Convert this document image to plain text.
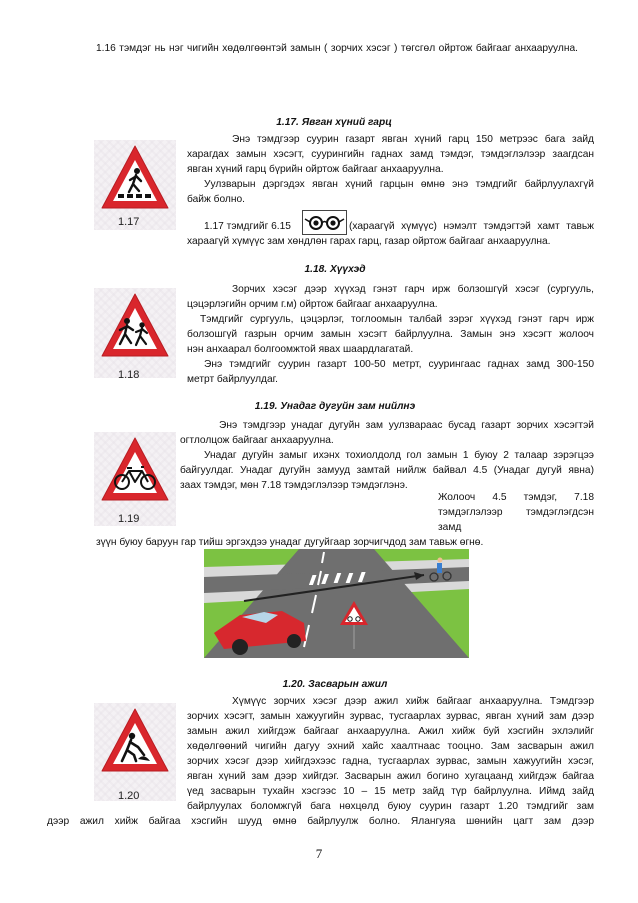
1.16 тэмдэг нь нэг чигийн хөдөлгөөнтэй замын ( зорчих хэсэг ) төгсгөл ойртож байгааг анхааруулна.
1.17. Явган хүний гарц
1.17
Энэ тэмдгээр суурин газарт явган хүний гарц 150 метрээс бага зайд
харагдах замын хэсэгт, суурингийн гаднах замд тэмдэг, тэмдэглэлээр заагдсан
явган хүний гарц бүрийн ойртож байгааг анхааруулна.
Уулзварын дэргэдэх явган хүний гарцын өмнө энэ тэмдгийг байрлуулахгүй
байж болно.
1.17 тэмдгийг 6.15	(хараагүй хүмүүс) нэмэлт тэмдэгтэй хамт тавьж
хараагүй хүмүүс зам хөндлөн гарах гарц, газар ойртож байгааг анхааруулна.
1.18. Хүүхэд
1.18
Зорчих хэсэг дээр хүүхэд гэнэт гарч ирж болзошгүй хэсэг (сургууль,
цэцэрлэгийн орчим г.м) ойртож байгааг анхааруулна.
Тэмдгийг сургууль, цэцэрлэг, тоглоомын талбай зэрэг хүүхэд гэнэт гарч ирж
болзошгүй газрын орчим замын хэсэгт байрлуулна. Замын энэ хэсэгт жолооч
нэн анхаарал болгоомжтой явах шаардлагатай.
Энэ тэмдгийг суурин газарт 100-50 метрт, суурингаас гаднах замд 300-150
метрт байрлуулдаг.
1.19. Унадаг дугуйн зам нийлнэ
1.19
Энэ тэмдгээр унадаг дугуйн зам уулзвараас бусад газарт зорчих хэсэгтэй
огтлолцож байгааг анхааруулна.
Унадаг дугуйн замыг ихэнх тохиолдолд гол замын 1 буюу 2 талаар зэрэгцээ
байгуулдаг. Унадаг дугуйн замууд замтай нийлж байвал 4.5 (Унадаг дугуй явна)
заах тэмдэг, мөн 7.18 тэмдэглэлээр тэмдэглэнэ.
Жолооч 4.5 тэмдэг, 7.18
тэмдэглэлээр тэмдэглэгдсэн
замд
зүүн буюу баруун гар тийш эргэхдээ унадаг дугуйгаар зорчигчдод зам тавьж өгнө.
1.20. Засварын ажил
1.20
Хүмүүс зорчих хэсэг дээр ажил хийж байгааг анхааруулна. Тэмдгээр
зорчих хэсэгт, замын хажуугийн зурвас, тусгаарлах зурвас, явган хүний зам дээр
замын ажил хийгдэж байгааг анхааруулна. Ажил хийж буй хэсгийн эхлэлийг
хөдөлгөөний чигийн дагуу эхний хайс хаалтнаас тооцно. Зам засварын ажил
зорчих хэсэг дээр хийгдэхээс гадна, тусгаарлах зурвас, замын хажуугийн хэсэг,
явган хүний зам дээр хийгдэг. Засварын ажил богино хугацаанд хийгдэж байгаа
үед засварын тухайн хэсгээс 10 – 15 метр зайд түр байрлуулна. Иймд зайд
байрлуулах боломжгүй бага нөхцөлд буюу суурин газарт 1.20 тэмдгийг зам
дээр ажил хийж байгаа хэсгийн шууд өмнө байрлуулж болно. Ялангуяа шөнийн цагт зам дээр
7
